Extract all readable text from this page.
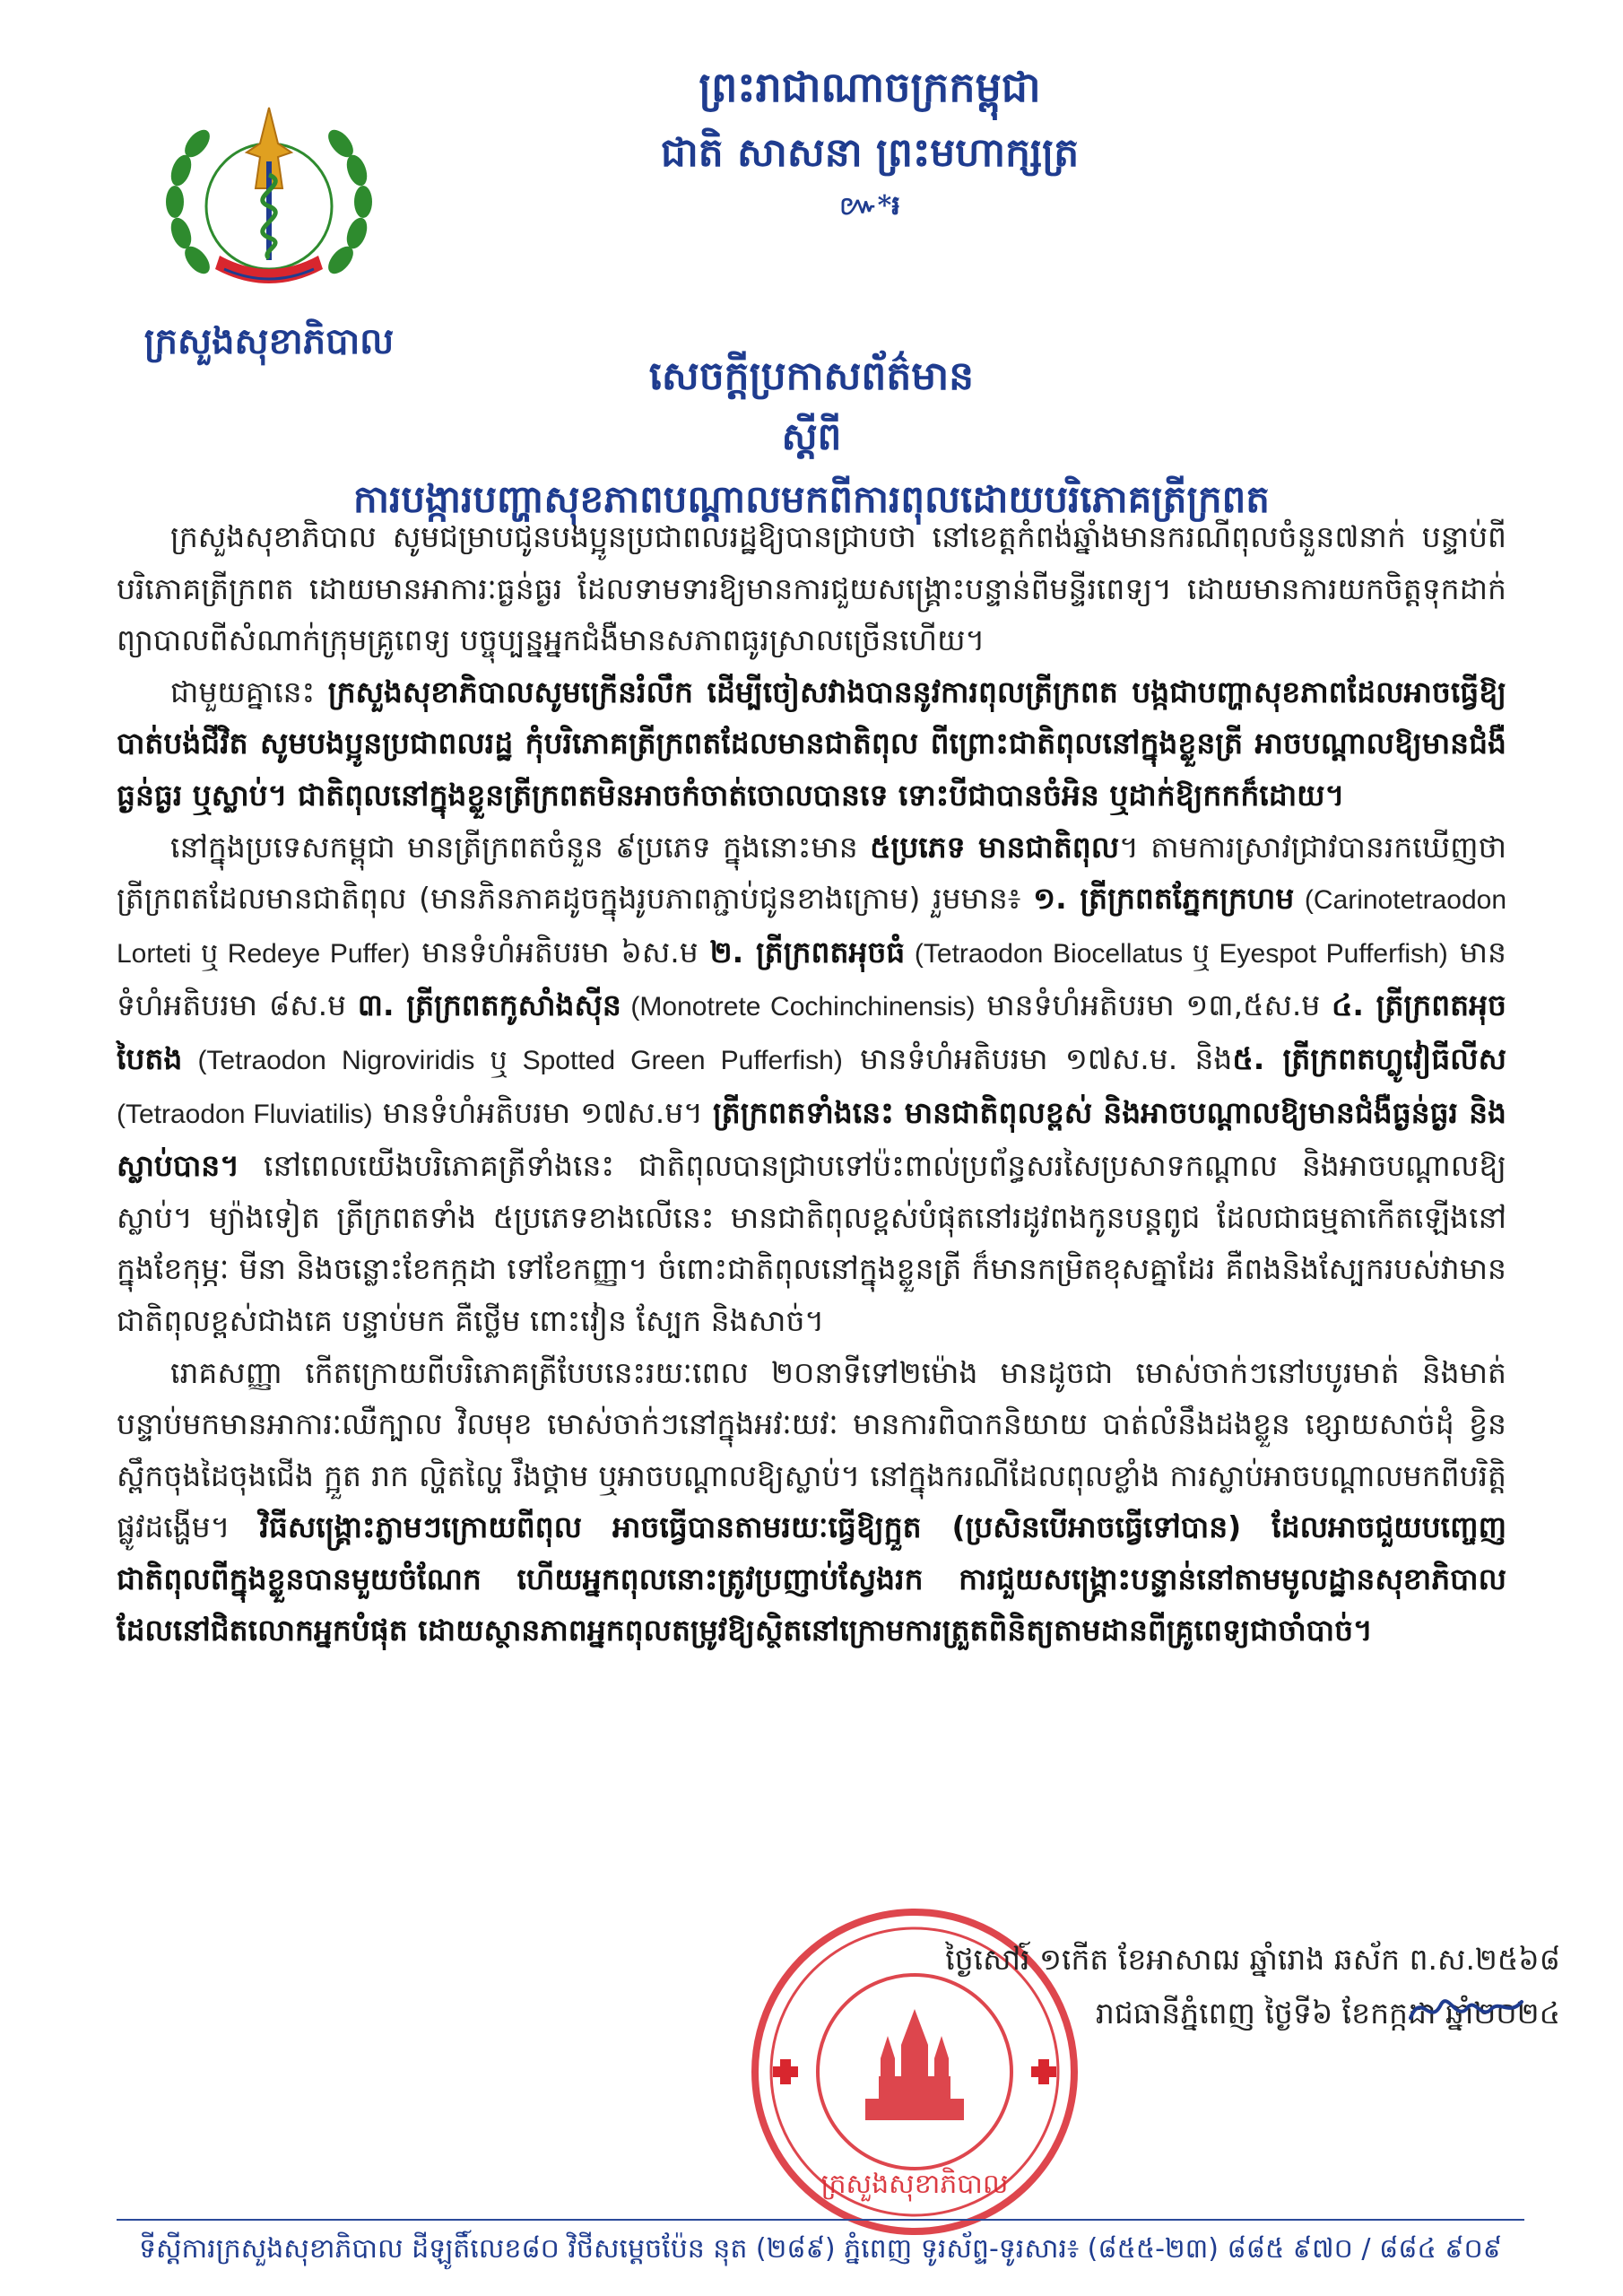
ក្រសួងសុខាភិបាល
ព្រះរាជាណាចក្រកម្ពុជា
ជាតិ សាសនា ព្រះមហាក្សត្រ
៚*៛
សេចក្តីប្រកាសព័ត៌មាន
ស្តីពី
ការបង្ការបញ្ហាសុខភាពបណ្តាលមកពីការពុលដោយបរិភោគត្រីក្រពត

ក្រសួងសុខាភិបាល សូមជម្រាបជូនបងប្អូនប្រជាពលរដ្ឋឱ្យបានជ្រាបថា នៅខេត្តកំពង់ឆ្នាំងមានករណីពុលចំនួន៧នាក់ បន្ទាប់ពីបរិភោគត្រីក្រពត ដោយមានអាការៈធ្ងន់ធ្ងរ ដែលទាមទារឱ្យមានការជួយសង្គ្រោះបន្ទាន់ពីមន្ទីរពេទ្យ។ ដោយមានការយកចិត្តទុកដាក់ព្យាបាលពីសំណាក់ក្រុមគ្រូពេទ្យ បច្ចុប្បន្នអ្នកជំងឺមានសភាពធូរស្រាលច្រើនហើយ។

ជាមួយគ្នានេះ ក្រសួងសុខាភិបាលសូមក្រើនរំលឹក ដើម្បីចៀសវាងបាននូវការពុលត្រីក្រពត បង្កជាបញ្ហាសុខភាពដែលអាចធ្វើឱ្យបាត់បង់ជីវិត សូមបងប្អូនប្រជាពលរដ្ឋ កុំបរិភោគត្រីក្រពតដែលមានជាតិពុល ពីព្រោះជាតិពុលនៅក្នុងខ្លួនត្រី អាចបណ្តាលឱ្យមានជំងឺធ្ងន់ធ្ងរ ឬស្លាប់។ ជាតិពុលនៅក្នុងខ្លួនត្រីក្រពតមិនអាចកំចាត់ចោលបានទេ ទោះបីជាបានចំអិន ឬដាក់ឱ្យកកក៏ដោយ។

នៅក្នុងប្រទេសកម្ពុជា មានត្រីក្រពតចំនួន ៩ប្រភេទ ក្នុងនោះមាន ៥ប្រភេទ មានជាតិពុល។ តាមការស្រាវជ្រាវបានរកឃើញថា ត្រីក្រពតដែលមានជាតិពុល (មានភិនភាគដូចក្នុងរូបភាពភ្ជាប់ជូនខាងក្រោម) រួមមាន៖ ១. ត្រីក្រពតភ្នែកក្រហម (Carinotetraodon Lorteti ឬ Redeye Puffer) មានទំហំអតិបរមា ៦ស.ម ២. ត្រីក្រពតអុចធំ (Tetraodon Biocellatus ឬ Eyespot Pufferfish) មានទំហំអតិបរមា ៨ស.ម ៣. ត្រីក្រពតកូសាំងស៊ីន (Monotrete Cochinchinensis) មានទំហំអតិបរមា ១៣,៥ស.ម ៤. ត្រីក្រពតអុចបៃតង (Tetraodon Nigroviridis ឬ Spotted Green Pufferfish) មានទំហំអតិបរមា ១៧ស.ម. និង៥. ត្រីក្រពតហ្លូវៀធីលីស (Tetraodon Fluviatilis) មានទំហំអតិបរមា ១៧ស.ម។ ត្រីក្រពតទាំងនេះ មានជាតិពុលខ្ពស់ និងអាចបណ្តាលឱ្យមានជំងឺធ្ងន់ធ្ងរ និងស្លាប់បាន។ នៅពេលយើងបរិភោគត្រីទាំងនេះ ជាតិពុលបានជ្រាបទៅប៉ះពាល់ប្រព័ន្ធសរសៃប្រសាទកណ្តាល និងអាចបណ្តាលឱ្យស្លាប់។ ម្យ៉ាងទៀត ត្រីក្រពតទាំង ៥ប្រភេទខាងលើនេះ មានជាតិពុលខ្ពស់បំផុតនៅរដូវពងកូនបន្តពូជ ដែលជាធម្មតាកើតឡើងនៅក្នុងខែកុម្ភៈ មីនា និងចន្លោះខែកក្កដា ទៅខែកញ្ញា។ ចំពោះជាតិពុលនៅក្នុងខ្លួនត្រី ក៏មានកម្រិតខុសគ្នាដែរ គឺពងនិងស្បែករបស់វាមានជាតិពុលខ្ពស់ជាងគេ បន្ទាប់មក គឺថ្លើម ពោះវៀន ស្បែក និងសាច់។

រោគសញ្ញា កើតក្រោយពីបរិភោគត្រីបែបនេះរយៈពេល ២០នាទីទៅ២ម៉ោង មានដូចជា មោស់ចាក់ៗនៅបបូរមាត់ និងមាត់ បន្ទាប់មកមានអាការៈឈឺក្បាល វិលមុខ មោស់ចាក់ៗនៅក្នុងអវៈយវៈ មានការពិបាកនិយាយ បាត់លំនឹងដងខ្លួន ខ្សោយសាច់ដុំ ខ្វិន ស្ពឹកចុងដៃចុងជើង ក្អួត រាក ល្ហិតល្ហៃ រឹងថ្គាម ឬអាចបណ្តាលឱ្យស្លាប់។ នៅក្នុងករណីដែលពុលខ្លាំង ការស្លាប់អាចបណ្តាលមកពីបរិត្តិផ្លូវដង្ហើម។ វិធីសង្គ្រោះភ្លាមៗក្រោយពីពុល អាចធ្វើបានតាមរយៈធ្វើឱ្យក្អួត (ប្រសិនបើអាចធ្វើទៅបាន) ដែលអាចជួយបញ្ចេញជាតិពុលពីក្នុងខ្លួនបានមួយចំណែក ហើយអ្នកពុលនោះត្រូវប្រញាប់ស្វែងរក ការជួយសង្គ្រោះបន្ទាន់នៅតាមមូលដ្ឋានសុខាភិបាលដែលនៅជិតលោកអ្នកបំផុត ដោយស្ថានភាពអ្នកពុលតម្រូវឱ្យស្ថិតនៅក្រោមការត្រួតពិនិត្យតាមដានពីគ្រូពេទ្យជាចាំបាច់។

ក្រសួងសុខាភិបាល
ថ្ងៃសៅរ៍ ១កើត ខែអាសាឍ ឆ្នាំរោង ឆស័ក ព.ស.២៥៦៨
រាជធានីភ្នំពេញ ថ្ងៃទី៦ ខែកក្កដា ឆ្នាំ២០២៤
ទីស្តីការក្រសួងសុខាភិបាល ដីឡូតិ៍លេខ៨០ វិថីសម្តេចប៉ែន នុត (២៨៩) ភ្នំពេញ ទូរស័ព្ទ-ទូរសារ៖ (៨៥៥-២៣) ៨៨៥ ៩៧០ / ៨៨៤ ៩០៩
